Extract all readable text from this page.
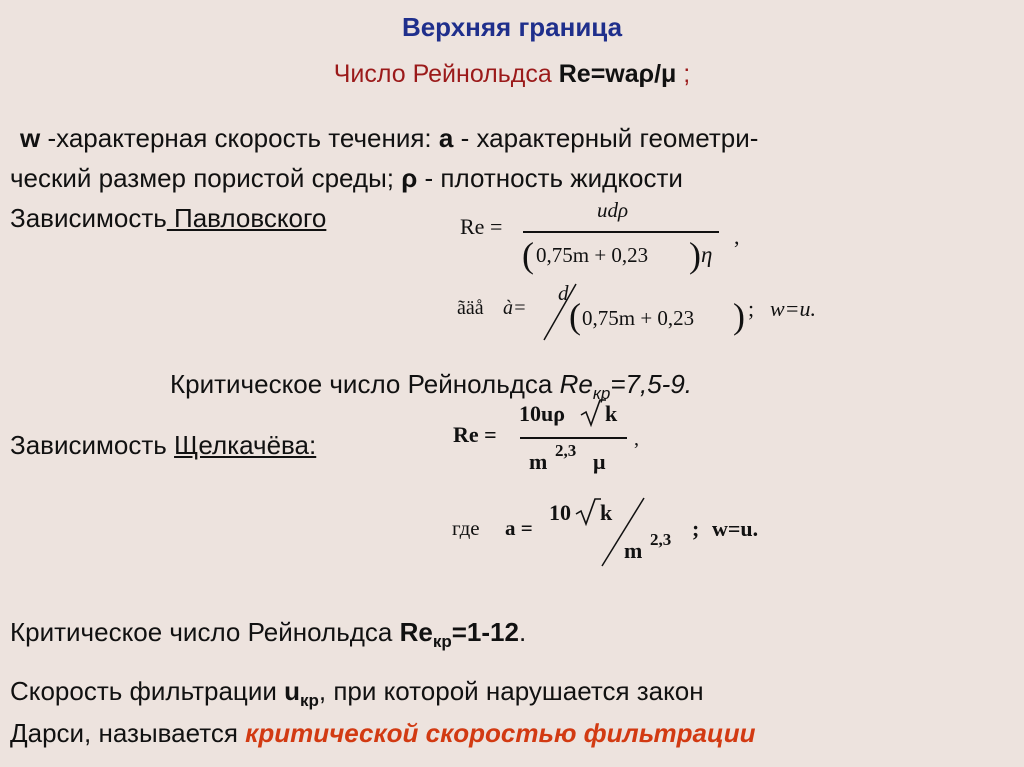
Верхняя граница
Число Рейнольдса Re=waρ/μ ;
w -характерная скорость течения: a - характерный геометри-
ческий размер пористой среды; ρ - плотность жидкости
Зависимость Павловского	Re =
udρ
( 0,75m + 0,23 ) η
,
ãäå à=
d
( 0,75m + 0,23 ) ; w=u.
Критическое число Рейнольдса $Re_{кр}=7,5-9$.
Зависимость Щелкачёва:	Re =
10uρ k
m 2,3 μ
,
где a =
10 k
m 2,3 ; w=u.
Критическое число Рейнольдса $Re_{кр}=1-12$.
Скорость фильтрации $u_{кр}$, при которой нарушается закон
Дарси, называется критической скоростью фильтрации
